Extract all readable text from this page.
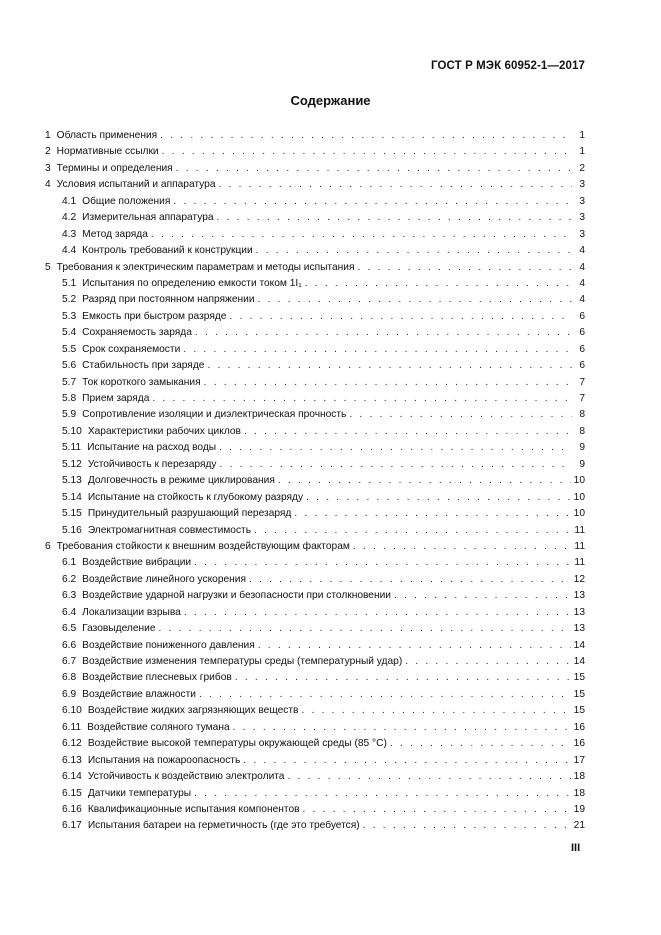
ГОСТ Р МЭК 60952-1—2017
Содержание
1 Область применения . . .	1
2 Нормативные ссылки . . .	1
3 Термины и определения . . .	2
4 Условия испытаний и аппаратура . . .	3
4.1 Общие положения . . .	3
4.2 Измерительная аппаратура . . .	3
4.3 Метод заряда . . .	3
4.4 Контроль требований к конструкции . . .	4
5 Требования к электрическим параметрам и методы испытания . . .	4
5.1 Испытания по определению емкости током 1I₁ . . .	4
5.2 Разряд при постоянном напряжении . . .	4
5.3 Емкость при быстром разряде . . .	6
5.4 Сохраняемость заряда . . .	6
5.5 Срок сохраняемости . . .	6
5.6 Стабильность при заряде . . .	6
5.7 Ток короткого замыкания . . .	7
5.8 Прием заряда . . .	7
5.9 Сопротивление изоляции и диэлектрическая прочность . . .	8
5.10 Характеристики рабочих циклов . . .	8
5.11 Испытание на расход воды . . .	9
5.12 Устойчивость к перезаряду . . .	9
5.13 Долговечность в режиме циклирования . . .	10
5.14 Испытание на стойкость к глубокому разряду . . .	10
5.15 Принудительный разрушающий перезаряд . . .	10
5.16 Электромагнитная совместимость . . .	11
6 Требования стойкости к внешним воздействующим факторам . . .	11
6.1 Воздействие вибрации . . .	11
6.2 Воздействие линейного ускорения . . .	12
6.3 Воздействие ударной нагрузки и безопасности при столкновении . . .	13
6.4 Локализации взрыва . . .	13
6.5 Газовыделение . . .	13
6.6 Воздействие пониженного давления . . .	14
6.7 Воздействие изменения температуры среды (температурный удар) . . .	14
6.8 Воздействие плесневых грибов . . .	15
6.9 Воздействие влажности . . .	15
6.10 Воздействие жидких загрязняющих веществ . . .	15
6.11 Воздействие соляного тумана . . .	16
6.12 Воздействие высокой температуры окружающей среды (85 °С) . . .	16
6.13 Испытания на пожароопасность . . .	17
6.14 Устойчивость к воздействию электролита . . .	18
6.15 Датчики температуры . . .	18
6.16 Квалификационные испытания компонентов . . .	19
6.17 Испытания батареи на герметичность (где это требуется) . . .	21
III
